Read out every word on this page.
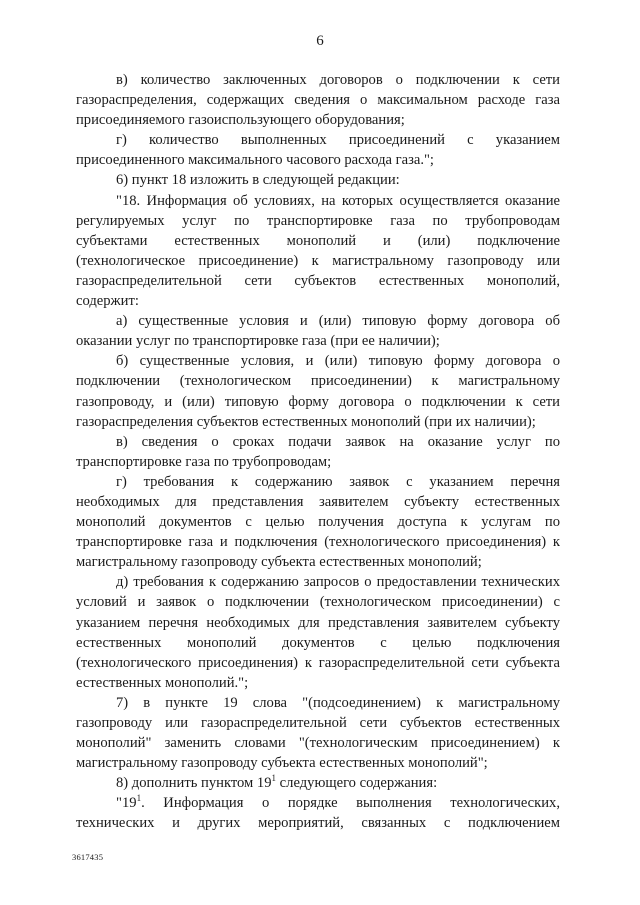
6
в) количество заключенных договоров о подключении к сети
газораспределения, содержащих сведения о максимальном расходе газа
присоединяемого газоиспользующего оборудования;
г) количество выполненных присоединений с указанием
присоединенного максимального часового расхода газа.";
6) пункт 18 изложить в следующей редакции:
"18. Информация об условиях, на которых осуществляется оказание
регулируемых услуг по транспортировке газа по трубопроводам
субъектами естественных монополий и (или) подключение
(технологическое присоединение) к магистральному газопроводу или
газораспределительной сети субъектов естественных монополий,
содержит:
а) существенные условия и (или) типовую форму договора об
оказании услуг по транспортировке газа (при ее наличии);
б) существенные условия, и (или) типовую форму договора о
подключении (технологическом присоединении) к магистральному
газопроводу, и (или) типовую форму договора о подключении к сети
газораспределения субъектов естественных монополий (при их наличии);
в) сведения о сроках подачи заявок на оказание услуг по
транспортировке газа по трубопроводам;
г) требования к содержанию заявок с указанием перечня
необходимых для представления заявителем субъекту естественных
монополий документов с целью получения доступа к услугам по
транспортировке газа и подключения (технологического присоединения) к
магистральному газопроводу субъекта естественных монополий;
д) требования к содержанию запросов о предоставлении технических
условий и заявок о подключении (технологическом присоединении) с
указанием перечня необходимых для представления заявителем субъекту
естественных монополий документов с целью подключения
(технологического присоединения) к газораспределительной сети субъекта
естественных монополий.";
7) в пункте 19 слова "(подсоединением) к магистральному
газопроводу или газораспределительной сети субъектов естественных
монополий" заменить словами "(технологическим присоединением) к
магистральному газопроводу субъекта естественных монополий";
8) дополнить пунктом $19^1$ следующего содержания:
"$19^1$. Информация о порядке выполнения технологических,
технических и других мероприятий, связанных с подключением
3617435
